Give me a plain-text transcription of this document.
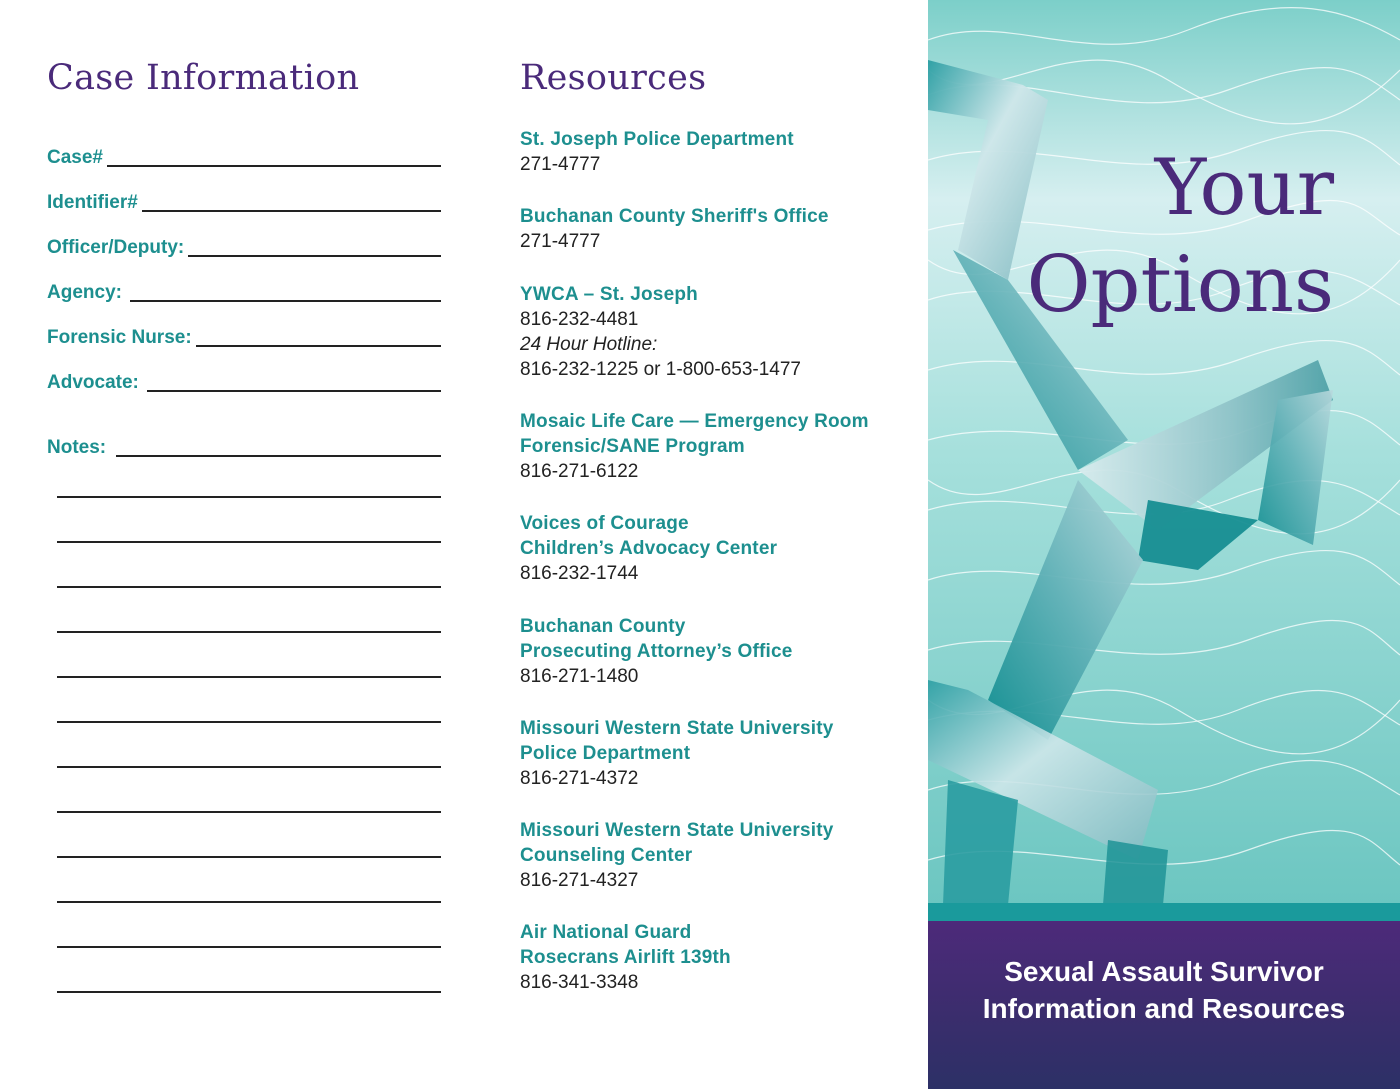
Case Information
Case#
Identifier#
Officer/Deputy:
Agency:
Forensic Nurse:
Advocate:
Notes:
Resources
St. Joseph Police Department
271-4777
Buchanan County Sheriff's Office
271-4777
YWCA – St. Joseph
816-232-4481
24 Hour Hotline:
816-232-1225 or 1-800-653-1477
Mosaic Life Care — Emergency Room
Forensic/SANE Program
816-271-6122
Voices of Courage
Children’s Advocacy Center
816-232-1744
Buchanan County
Prosecuting Attorney’s Office
816-271-1480
Missouri Western State University
Police Department
816-271-4372
Missouri Western State University
Counseling Center
816-271-4327
Air National Guard
Rosecrans Airlift 139th
816-341-3348
Your
Options
Sexual Assault Survivor
Information and Resources
